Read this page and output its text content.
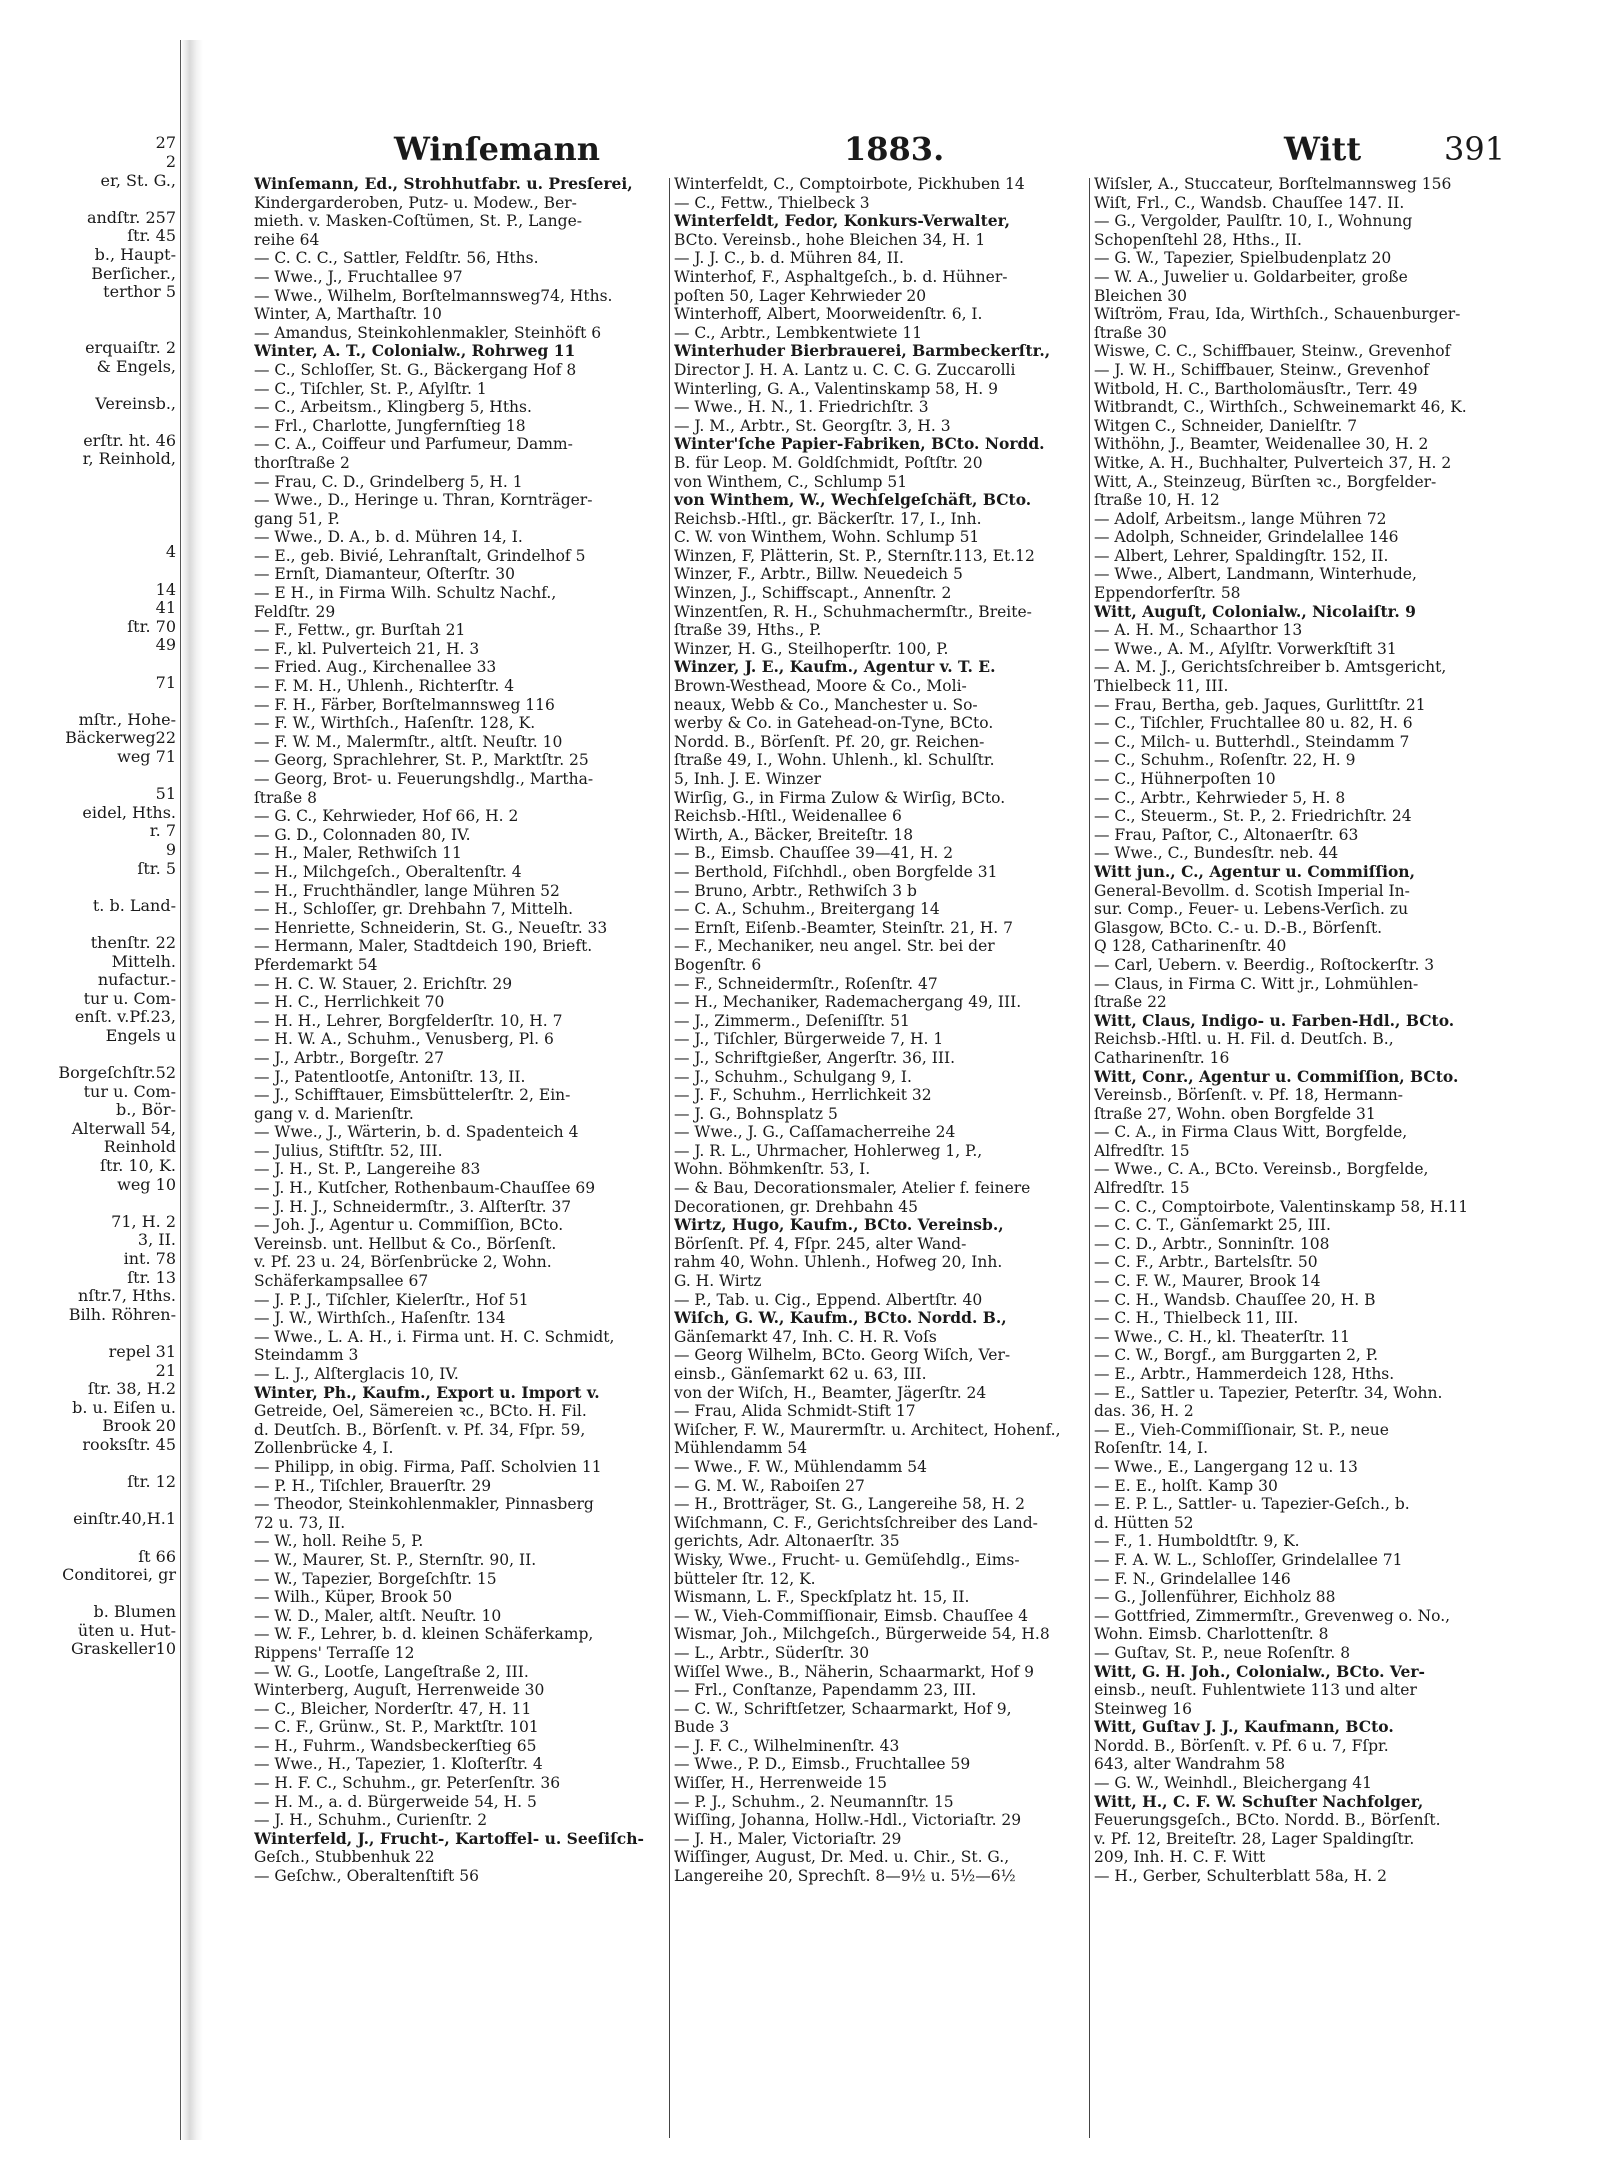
27
2
er, St. G.,
andſtr. 257
ſtr. 45
b., Haupt-
Berſicher.,
terthor 5
erquaiſtr. 2
& Engels,
Vereinsb.,
erſtr. ht. 46
r, Reinhold,
4
14
41
ſtr. 70
49
71
mſtr., Hohe-
Bäckerweg22
weg 71
51
eidel, Hths.
r. 7
9
ſtr. 5
t. b. Land-
thenſtr. 22
Mittelh.
nufactur.-
tur u. Com-
enſt. v.Pf.23,
Engels u
Borgeſchſtr.52
tur u. Com-
b., Bör-
Alterwall 54,
Reinhold
ſtr. 10, K.
weg 10
71, H. 2
3, II.
int. 78
ſtr. 13
nſtr.7, Hths.
Bilh. Röhren-
repel 31
21
ſtr. 38, H.2
b. u. Eiſen u.
Brook 20
rooksſtr. 45
ſtr. 12
einſtr.40,H.1
ſt 66
Conditorei, gr
b. Blumen
üten u. Hut-
Graskeller10
Winſemann	1883.	Witt	391
Winſemann, Ed., Strohhutfabr. u. Presſerei,
Kindergarderoben, Putz- u. Modew., Ber-
mieth. v. Masken-Coſtümen, St. P., Lange-
reihe 64
— C. C. C., Sattler, Feldſtr. 56, Hths.
— Wwe., J., Fruchtallee 97
— Wwe., Wilhelm, Borſtelmannsweg74, Hths.
Winter, A, Marthaſtr. 10
— Amandus, Steinkohlenmakler, Steinhöft 6
Winter, A. T., Colonialw., Rohrweg 11
— C., Schloſſer, St. G., Bäckergang Hof 8
— C., Tiſchler, St. P., Aſylſtr. 1
— C., Arbeitsm., Klingberg 5, Hths.
— Frl., Charlotte, Jungfernſtieg 18
— C. A., Coiffeur und Parfumeur, Damm-
thorſtraße 2
— Frau, C. D., Grindelberg 5, H. 1
— Wwe., D., Heringe u. Thran, Kornträger-
gang 51, P.
— Wwe., D. A., b. d. Mühren 14, I.
— E., geb. Bivié, Lehranſtalt, Grindelhof 5
— Ernſt, Diamanteur, Oſterſtr. 30
— E H., in Firma Wilh. Schultz Nachf.,
Feldſtr. 29
— F., Fettw., gr. Burſtah 21
— F., kl. Pulverteich 21, H. 3
— Fried. Aug., Kirchenallee 33
— F. M. H., Uhlenh., Richterſtr. 4
— F. H., Färber, Borſtelmannsweg 116
— F. W., Wirthſch., Haſenſtr. 128, K.
— F. W. M., Malermſtr., altſt. Neuſtr. 10
— Georg, Sprachlehrer, St. P., Marktſtr. 25
— Georg, Brot- u. Feuerungshdlg., Martha-
ſtraße 8
— G. C., Kehrwieder, Hof 66, H. 2
— G. D., Colonnaden 80, IV.
— H., Maler, Rethwiſch 11
— H., Milchgeſch., Oberaltenſtr. 4
— H., Fruchthändler, lange Mühren 52
— H., Schloſſer, gr. Drehbahn 7, Mittelh.
— Henriette, Schneiderin, St. G., Neueſtr. 33
— Hermann, Maler, Stadtdeich 190, Brieft.
Pferdemarkt 54
— H. C. W. Stauer, 2. Erichſtr. 29
— H. C., Herrlichkeit 70
— H. H., Lehrer, Borgfelderſtr. 10, H. 7
— H. W. A., Schuhm., Venusberg, Pl. 6
— J., Arbtr., Borgeſtr. 27
— J., Patentlootſe, Antoniſtr. 13, II.
— J., Schifftauer, Eimsbüttelerſtr. 2, Ein-
gang v. d. Marienſtr.
— Wwe., J., Wärterin, b. d. Spadenteich 4
— Julius, Stiftſtr. 52, III.
— J. H., St. P., Langereihe 83
— J. H., Kutſcher, Rothenbaum-Chauſſee 69
— J. H. J., Schneidermſtr., 3. Alſterſtr. 37
— Joh. J., Agentur u. Commiſſion, BCto.
Vereinsb. unt. Hellbut & Co., Börſenſt.
v. Pf. 23 u. 24, Börſenbrücke 2, Wohn.
Schäferkampsallee 67
— J. P. J., Tiſchler, Kielerſtr., Hof 51
— J. W., Wirthſch., Haſenſtr. 134
— Wwe., L. A. H., i. Firma unt. H. C. Schmidt,
Steindamm 3
— L. J., Alſterglacis 10, IV.
Winter, Ph., Kaufm., Export u. Import v.
Getreide, Oel, Sämereien ꝛc., BCto. H. Fil.
d. Deutſch. B., Börſenſt. v. Pf. 34, Fſpr. 59,
Zollenbrücke 4, I.
— Philipp, in obig. Firma, Paſſ. Scholvien 11
— P. H., Tiſchler, Brauerſtr. 29
— Theodor, Steinkohlenmakler, Pinnasberg
72 u. 73, II.
— W., holl. Reihe 5, P.
— W., Maurer, St. P., Sternſtr. 90, II.
— W., Tapezier, Borgeſchſtr. 15
— Wilh., Küper, Brook 50
— W. D., Maler, altſt. Neuſtr. 10
— W. F., Lehrer, b. d. kleinen Schäferkamp,
Rippens' Terraſſe 12
— W. G., Lootſe, Langeſtraße 2, III.
Winterberg, Auguſt, Herrenweide 30
— C., Bleicher, Norderſtr. 47, H. 11
— C. F., Grünw., St. P., Marktſtr. 101
— H., Fuhrm., Wandsbeckerſtieg 65
— Wwe., H., Tapezier, 1. Kloſterſtr. 4
— H. F. C., Schuhm., gr. Peterſenſtr. 36
— H. M., a. d. Bürgerweide 54, H. 5
— J. H., Schuhm., Curienſtr. 2
Winterfeld, J., Frucht-, Kartoffel- u. Seeſiſch-
Geſch., Stubbenhuk 22
— Geſchw., Oberaltenſtift 56
Winterfeldt, C., Comptoirbote, Pickhuben 14
— C., Fettw., Thielbeck 3
Winterfeldt, Fedor, Konkurs-Verwalter,
BCto. Vereinsb., hohe Bleichen 34, H. 1
— J. J. C., b. d. Mühren 84, II.
Winterhof, F., Asphaltgeſch., b. d. Hühner-
poſten 50, Lager Kehrwieder 20
Winterhoff, Albert, Moorweidenſtr. 6, I.
— C., Arbtr., Lembkentwiete 11
Winterhuder Bierbrauerei, Barmbeckerſtr.,
Director J. H. A. Lantz u. C. C. G. Zuccarolli
Winterling, G. A., Valentinskamp 58, H. 9
— Wwe., H. N., 1. Friedrichſtr. 3
— J. M., Arbtr., St. Georgſtr. 3, H. 3
Winter'ſche Papier-Fabriken, BCto. Nordd.
B. für Leop. M. Goldſchmidt, Poſtſtr. 20
von Winthem, C., Schlump 51
von Winthem, W., Wechſelgeſchäft, BCto.
Reichsb.-Hſtl., gr. Bäckerſtr. 17, I., Inh.
C. W. von Winthem, Wohn. Schlump 51
Winzen, F, Plätterin, St. P., Sternſtr.113, Et.12
Winzer, F., Arbtr., Billw. Neuedeich 5
Winzen, J., Schiffscapt., Annenſtr. 2
Winzentſen, R. H., Schuhmachermſtr., Breite-
ſtraße 39, Hths., P.
Winzer, H. G., Steilhoperſtr. 100, P.
Winzer, J. E., Kaufm., Agentur v. T. E.
Brown-Westhead, Moore & Co., Moli-
neaux, Webb & Co., Manchester u. So-
werby & Co. in Gatehead-on-Tyne, BCto.
Nordd. B., Börſenſt. Pf. 20, gr. Reichen-
ſtraße 49, I., Wohn. Uhlenh., kl. Schulſtr.
5, Inh. J. E. Winzer
Wirſig, G., in Firma Zulow & Wirſig, BCto.
Reichsb.-Hſtl., Weidenallee 6
Wirth, A., Bäcker, Breiteſtr. 18
— B., Eimsb. Chauſſee 39—41, H. 2
— Berthold, Fiſchhdl., oben Borgfelde 31
— Bruno, Arbtr., Rethwiſch 3 b
— C. A., Schuhm., Breitergang 14
— Ernſt, Eiſenb.-Beamter, Steinſtr. 21, H. 7
— F., Mechaniker, neu angel. Str. bei der
Bogenſtr. 6
— F., Schneidermſtr., Roſenſtr. 47
— H., Mechaniker, Rademachergang 49, III.
— J., Zimmerm., Deſeniſſtr. 51
— J., Tiſchler, Bürgerweide 7, H. 1
— J., Schriftgießer, Angerſtr. 36, III.
— J., Schuhm., Schulgang 9, I.
— J. F., Schuhm., Herrlichkeit 32
— J. G., Bohnsplatz 5
— Wwe., J. G., Caſſamacherreihe 24
— J. R. L., Uhrmacher, Hohlerweg 1, P.,
Wohn. Böhmkenſtr. 53, I.
— & Bau, Decorationsmaler, Atelier f. feinere
Decorationen, gr. Drehbahn 45
Wirtz, Hugo, Kaufm., BCto. Vereinsb.,
Börſenſt. Pf. 4, Fſpr. 245, alter Wand-
rahm 40, Wohn. Uhlenh., Hofweg 20, Inh.
G. H. Wirtz
— P., Tab. u. Cig., Eppend. Albertſtr. 40
Wiſch, G. W., Kaufm., BCto. Nordd. B.,
Gänſemarkt 47, Inh. C. H. R. Voſs
— Georg Wilhelm, BCto. Georg Wiſch, Ver-
einsb., Gänſemarkt 62 u. 63, III.
von der Wiſch, H., Beamter, Jägerſtr. 24
— Frau, Alida Schmidt-Stift 17
Wiſcher, F. W., Maurermſtr. u. Architect, Hohenf.,
Mühlendamm 54
— Wwe., F. W., Mühlendamm 54
— G. M. W., Raboiſen 27
— H., Brotträger, St. G., Langereihe 58, H. 2
Wiſchmann, C. F., Gerichtsſchreiber des Land-
gerichts, Adr. Altonaerſtr. 35
Wisky, Wwe., Frucht- u. Gemüſehdlg., Eims-
bütteler ſtr. 12, K.
Wismann, L. F., Speckſplatz ht. 15, II.
— W., Vieh-Commiſſionair, Eimsb. Chauſſee 4
Wismar, Joh., Milchgeſch., Bürgerweide 54, H.8
— L., Arbtr., Süderſtr. 30
Wiſſel Wwe., B., Näherin, Schaarmarkt, Hof 9
— Frl., Conſtanze, Papendamm 23, III.
— C. W., Schriftſetzer, Schaarmarkt, Hof 9,
Bude 3
— J. F. C., Wilhelminenſtr. 43
— Wwe., P. D., Eimsb., Fruchtallee 59
Wiſſer, H., Herrenweide 15
— P. J., Schuhm., 2. Neumannſtr. 15
Wiſſing, Johanna, Hollw.-Hdl., Victoriaſtr. 29
— J. H., Maler, Victoriaſtr. 29
Wiſſinger, August, Dr. Med. u. Chir., St. G.,
Langereihe 20, Sprechſt. 8—9½ u. 5½—6½
Wiſsler, A., Stuccateur, Borſtelmannsweg 156
Wiſt, Frl., C., Wandsb. Chauſſee 147. II.
— G., Vergolder, Paulſtr. 10, I., Wohnung
Schopenſtehl 28, Hths., II.
— G. W., Tapezier, Spielbudenplatz 20
— W. A., Juwelier u. Goldarbeiter, große
Bleichen 30
Wiſtröm, Frau, Ida, Wirthſch., Schauenburger-
ſtraße 30
Wiswe, C. C., Schiffbauer, Steinw., Grevenhof
— J. W. H., Schiffbauer, Steinw., Grevenhof
Witbold, H. C., Bartholomäusſtr., Terr. 49
Witbrandt, C., Wirthſch., Schweinemarkt 46, K.
Witgen C., Schneider, Danielſtr. 7
Withöhn, J., Beamter, Weidenallee 30, H. 2
Witke, A. H., Buchhalter, Pulverteich 37, H. 2
Witt, A., Steinzeug, Bürſten ꝛc., Borgfelder-
ſtraße 10, H. 12
— Adolf, Arbeitsm., lange Mühren 72
— Adolph, Schneider, Grindelallee 146
— Albert, Lehrer, Spaldingſtr. 152, II.
— Wwe., Albert, Landmann, Winterhude,
Eppendorferſtr. 58
Witt, Auguſt, Colonialw., Nicolaiſtr. 9
— A. H. M., Schaarthor 13
— Wwe., A. M., Aſylſtr. Vorwerkſtift 31
— A. M. J., Gerichtsſchreiber b. Amtsgericht,
Thielbeck 11, III.
— Frau, Bertha, geb. Jaques, Gurlittſtr. 21
— C., Tiſchler, Fruchtallee 80 u. 82, H. 6
— C., Milch- u. Butterhdl., Steindamm 7
— C., Schuhm., Roſenſtr. 22, H. 9
— C., Hühnerpoſten 10
— C., Arbtr., Kehrwieder 5, H. 8
— C., Steuerm., St. P., 2. Friedrichſtr. 24
— Frau, Paſtor, C., Altonaerſtr. 63
— Wwe., C., Bundesſtr. neb. 44
Witt jun., C., Agentur u. Commiſſion,
General-Bevollm. d. Scotish Imperial In-
sur. Comp., Feuer- u. Lebens-Verſich. zu
Glasgow, BCto. C.- u. D.-B., Börſenſt.
Q 128, Catharinenſtr. 40
— Carl, Uebern. v. Beerdig., Roſtockerſtr. 3
— Claus, in Firma C. Witt jr., Lohmühlen-
ſtraße 22
Witt, Claus, Indigo- u. Farben-Hdl., BCto.
Reichsb.-Hſtl. u. H. Fil. d. Deutſch. B.,
Catharinenſtr. 16
Witt, Conr., Agentur u. Commiſſion, BCto.
Vereinsb., Börſenſt. v. Pf. 18, Hermann-
ſtraße 27, Wohn. oben Borgfelde 31
— C. A., in Firma Claus Witt, Borgfelde,
Alfredſtr. 15
— Wwe., C. A., BCto. Vereinsb., Borgfelde,
Alfredſtr. 15
— C. C., Comptoirbote, Valentinskamp 58, H.11
— C. C. T., Gänſemarkt 25, III.
— C. D., Arbtr., Sonninſtr. 108
— C. F., Arbtr., Bartelsſtr. 50
— C. F. W., Maurer, Brook 14
— C. H., Wandsb. Chauſſee 20, H. B
— C. H., Thielbeck 11, III.
— Wwe., C. H., kl. Theaterſtr. 11
— C. W., Borgf., am Burggarten 2, P.
— E., Arbtr., Hammerdeich 128, Hths.
— E., Sattler u. Tapezier, Peterſtr. 34, Wohn.
das. 36, H. 2
— E., Vieh-Commiſſionair, St. P., neue
Roſenſtr. 14, I.
— Wwe., E., Langergang 12 u. 13
— E. E., holſt. Kamp 30
— E. P. L., Sattler- u. Tapezier-Geſch., b.
d. Hütten 52
— F., 1. Humboldtſtr. 9, K.
— F. A. W. L., Schloſſer, Grindelallee 71
— F. N., Grindelallee 146
— G., Jollenführer, Eichholz 88
— Gottfried, Zimmermſtr., Grevenweg o. No.,
Wohn. Eimsb. Charlottenſtr. 8
— Guſtav, St. P., neue Roſenſtr. 8
Witt, G. H. Joh., Colonialw., BCto. Ver-
einsb., neuſt. Fuhlentwiete 113 und alter
Steinweg 16
Witt, Guſtav J. J., Kaufmann, BCto.
Nordd. B., Börſenſt. v. Pf. 6 u. 7, Fſpr.
643, alter Wandrahm 58
— G. W., Weinhdl., Bleichergang 41
Witt, H., C. F. W. Schuſter Nachfolger,
Feuerungsgeſch., BCto. Nordd. B., Börſenſt.
v. Pf. 12, Breiteſtr. 28, Lager Spaldingſtr.
209, Inh. H. C. F. Witt
— H., Gerber, Schulterblatt 58a, H. 2
